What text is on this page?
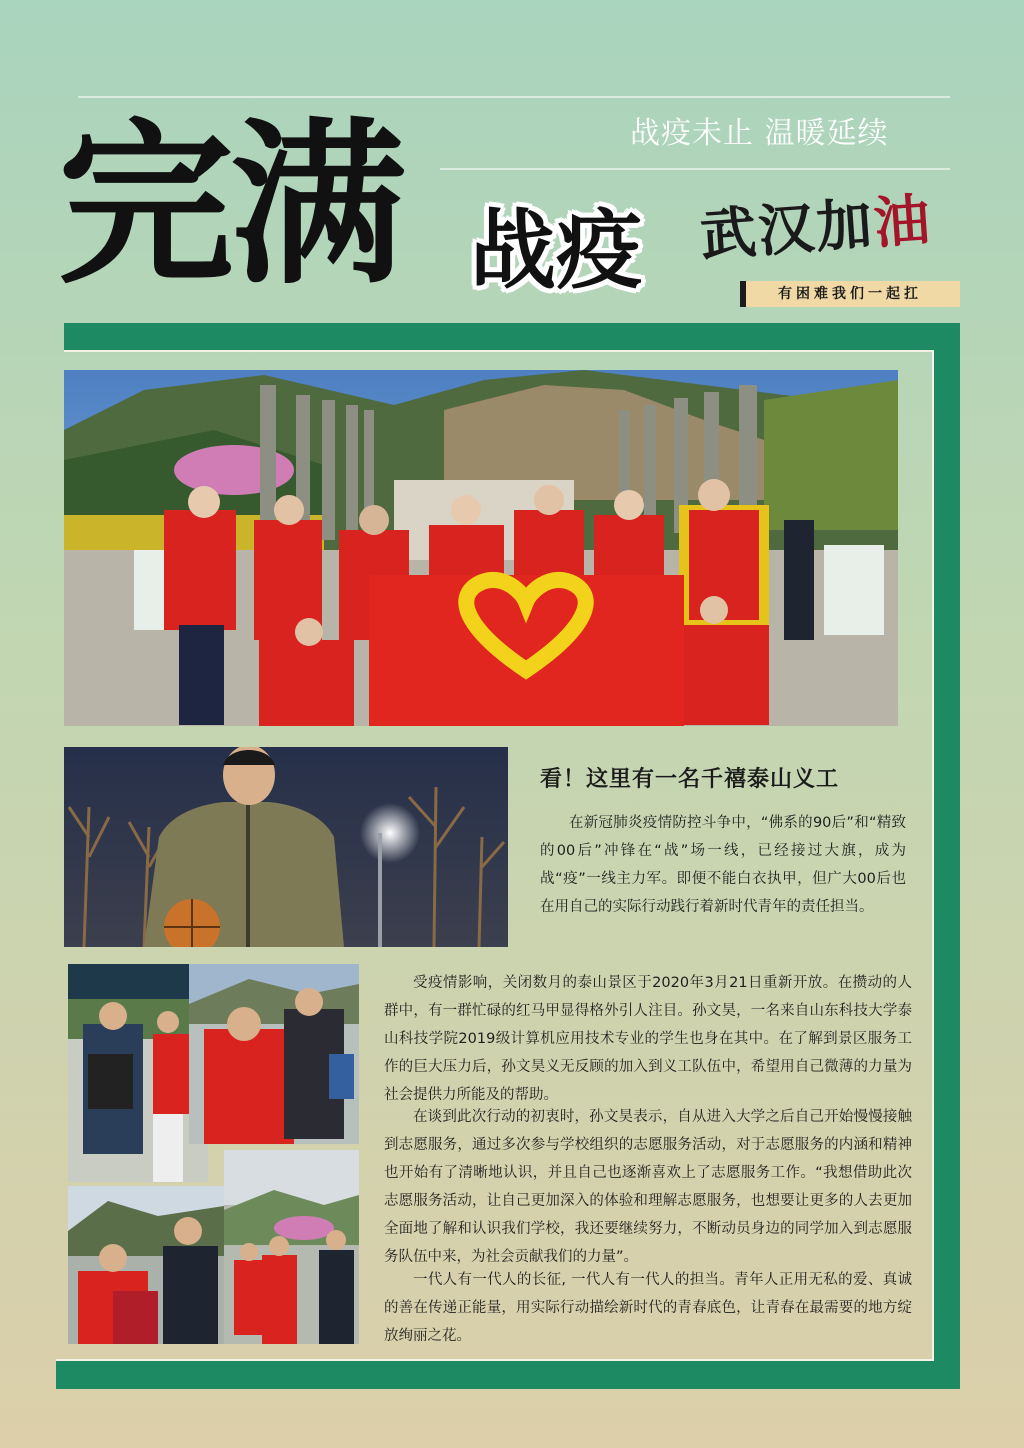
战疫未止 温暖延续
完满 战疫 武汉加油
有困难我们一起扛
看！这里有一名千禧泰山义工

在新冠肺炎疫情防控斗争中，“佛系的90后”和“精致的00后”冲锋在“战”场一线，已经接过大旗，成为战“疫”一线主力军。即便不能白衣执甲，但广大00后也在用自己的实际行动践行着新时代青年的责任担当。

受疫情影响，关闭数月的泰山景区于2020年3月21日重新开放。在攒动的人群中，有一群忙碌的红马甲显得格外引人注目。孙文昊，一名来自山东科技大学泰山科技学院2019级计算机应用技术专业的学生也身在其中。在了解到景区服务工作的巨大压力后，孙文昊义无反顾的加入到义工队伍中，希望用自己微薄的力量为社会提供力所能及的帮助。

在谈到此次行动的初衷时，孙文昊表示，自从进入大学之后自己开始慢慢接触到志愿服务，通过多次参与学校组织的志愿服务活动，对于志愿服务的内涵和精神也开始有了清晰地认识，并且自己也逐渐喜欢上了志愿服务工作。“我想借助此次志愿服务活动，让自己更加深入的体验和理解志愿服务，也想要让更多的人去更加全面地了解和认识我们学校，我还要继续努力，不断动员身边的同学加入到志愿服务队伍中来，为社会贡献我们的力量”。

一代人有一代人的长征, 一代人有一代人的担当。青年人正用无私的爱、真诚的善在传递正能量，用实际行动描绘新时代的青春底色，让青春在最需要的地方绽放绚丽之花。
